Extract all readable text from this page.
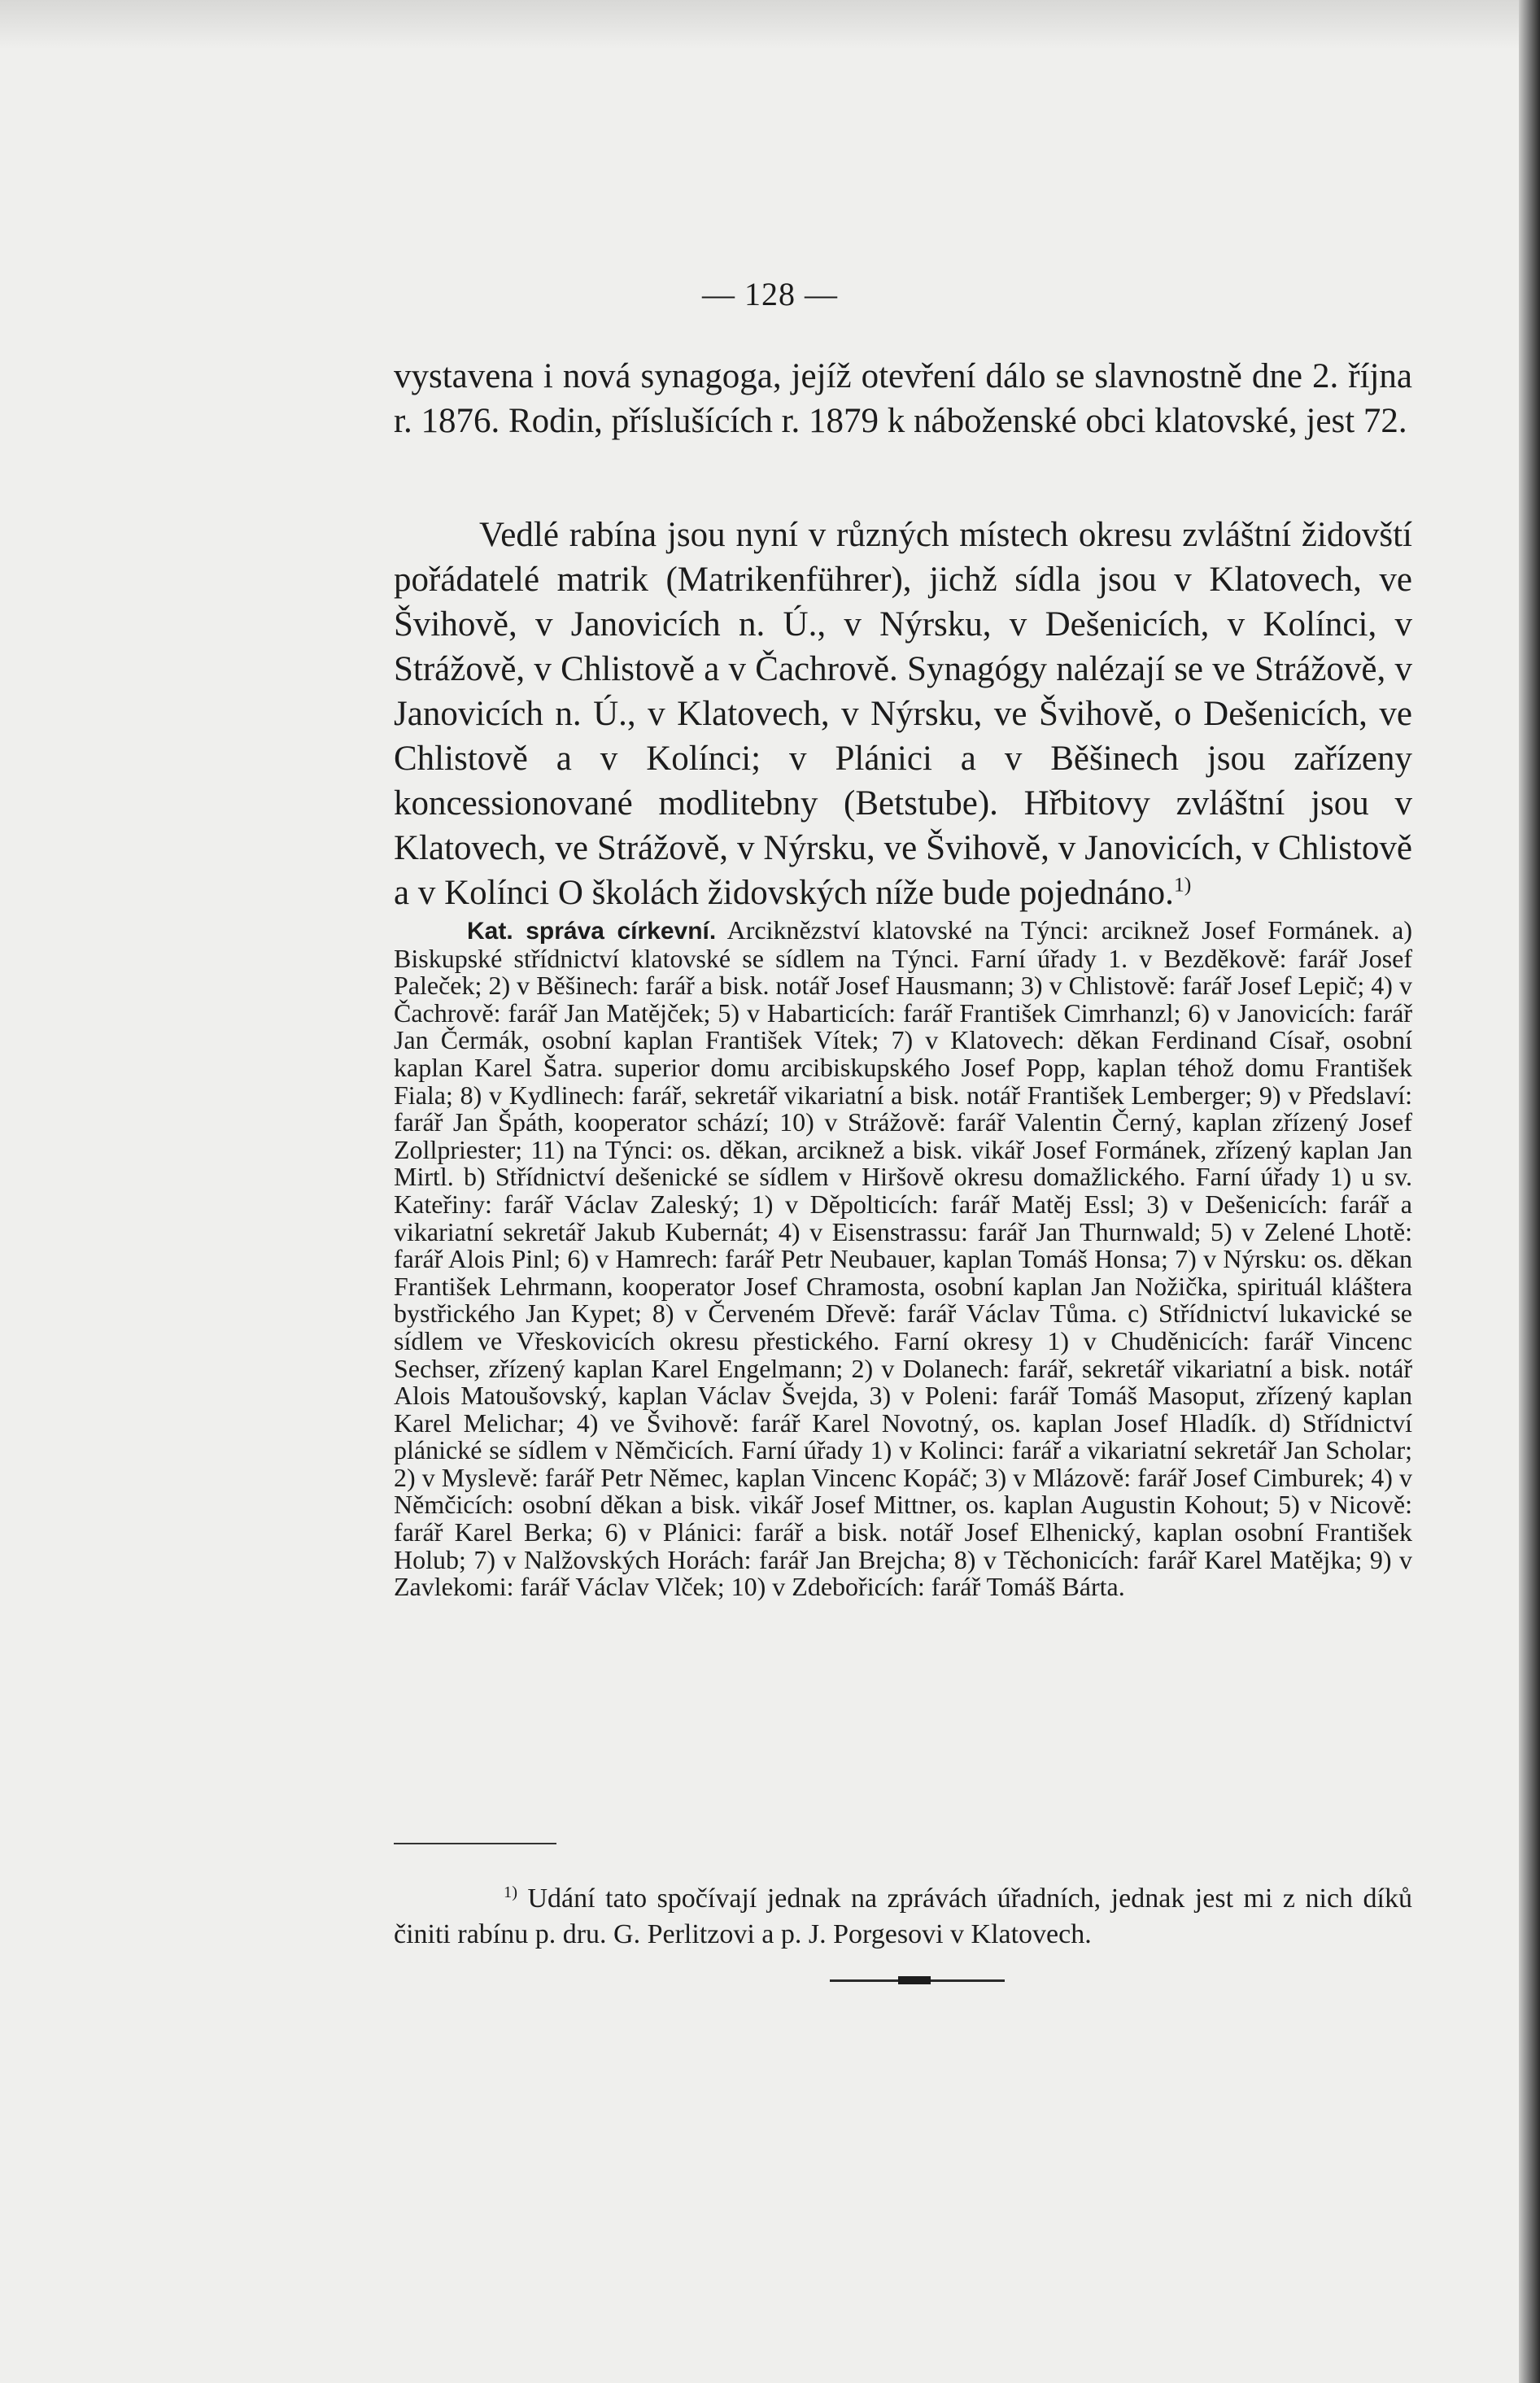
— 128 —

vystavena i nová synagoga, jejíž otevření dálo se slavnostně dne 2. října r. 1876. Rodin, příslušících r. 1879 k náboženské obci klatovské, jest 72.

Vedlé rabína jsou nyní v různých místech okresu zvláštní židovští pořádatelé matrik (Matrikenführer), jichž sídla jsou v Klatovech, ve Švihově, v Janovicích n. Ú., v Nýrsku, v Dešenicích, v Kolínci, v Strážově, v Chlistově a v Čachrově. Synagógy nalézají se ve Strážově, v Janovicích n. Ú., v Klatovech, v Nýrsku, ve Švihově, o Dešenicích, ve Chlistově a v Kolínci; v Plánici a v Běšinech jsou zařízeny koncessionované modlitebny (Betstube). Hřbitovy zvláštní jsou v Klatovech, ve Strážově, v Nýrsku, ve Švihově, v Janovicích, v Chlistově a v Kolínci O školách židovských níže bude pojednáno.$^{1)}$

Kat. správa církevní. Arciknězství klatovské na Týnci: arciknež Josef Formánek. a) Biskupské střídnictví klatovské se sídlem na Týnci. Farní úřady 1. v Bezděkově: farář Josef Paleček; 2) v Běšinech: farář a bisk. notář Josef Hausmann; 3) v Chlistově: farář Josef Lepič; 4) v Čachrově: farář Jan Matějček; 5) v Habarticích: farář František Cimrhanzl; 6) v Janovicích: farář Jan Čermák, osobní kaplan František Vítek; 7) v Klatovech: děkan Ferdinand Císař, osobní kaplan Karel Šatra. superior domu arcibiskupského Josef Popp, kaplan téhož domu František Fiala; 8) v Kydlinech: farář, sekretář vikariatní a bisk. notář František Lemberger; 9) v Předslaví: farář Jan Špáth, kooperator schází; 10) v Strážově: farář Valentin Černý, kaplan zřízený Josef Zollpriester; 11) na Týnci: os. děkan, arciknež a bisk. vikář Josef Formánek, zřízený kaplan Jan Mirtl. b) Střídnictví dešenické se sídlem v Hiršově okresu domažlického. Farní úřady 1) u sv. Kateřiny: farář Václav Zaleský; 1) v Děpolticích: farář Matěj Essl; 3) v Dešenicích: farář a vikariatní sekretář Jakub Kubernát; 4) v Eisenstrassu: farář Jan Thurnwald; 5) v Zelené Lhotě: farář Alois Pinl; 6) v Hamrech: farář Petr Neubauer, kaplan Tomáš Honsa; 7) v Nýrsku: os. děkan František Lehrmann, kooperator Josef Chramosta, osobní kaplan Jan Nožička, spirituál kláštera bystřického Jan Kypet; 8) v Červeném Dřevě: farář Václav Tůma. c) Střídnictví lukavické se sídlem ve Vřeskovicích okresu přestického. Farní okresy 1) v Chuděnicích: farář Vincenc Sechser, zřízený kaplan Karel Engelmann; 2) v Dolanech: farář, sekretář vikariatní a bisk. notář Alois Matoušovský, kaplan Václav Švejda, 3) v Poleni: farář Tomáš Masoput, zřízený kaplan Karel Melichar; 4) ve Švihově: farář Karel Novotný, os. kaplan Josef Hladík. d) Střídnictví plánické se sídlem v Němčicích. Farní úřady 1) v Kolinci: farář a vikariatní sekretář Jan Scholar; 2) v Myslevě: farář Petr Němec, kaplan Vincenc Kopáč; 3) v Mlázově: farář Josef Cimburek; 4) v Němčicích: osobní děkan a bisk. vikář Josef Mittner, os. kaplan Augustin Kohout; 5) v Nicově: farář Karel Berka; 6) v Plánici: farář a bisk. notář Josef Elhenický, kaplan osobní František Holub; 7) v Nalžovských Horách: farář Jan Brejcha; 8) v Těchonicích: farář Karel Matějka; 9) v Zavlekomi: farář Václav Vlček; 10) v Zdebořicích: farář Tomáš Bárta.

$^{1)}$ Udání tato spočívají jednak na zprávách úřadních, jednak jest mi z nich díků činiti rabínu p. dru. G. Perlitzovi a p. J. Porgesovi v Klatovech.
